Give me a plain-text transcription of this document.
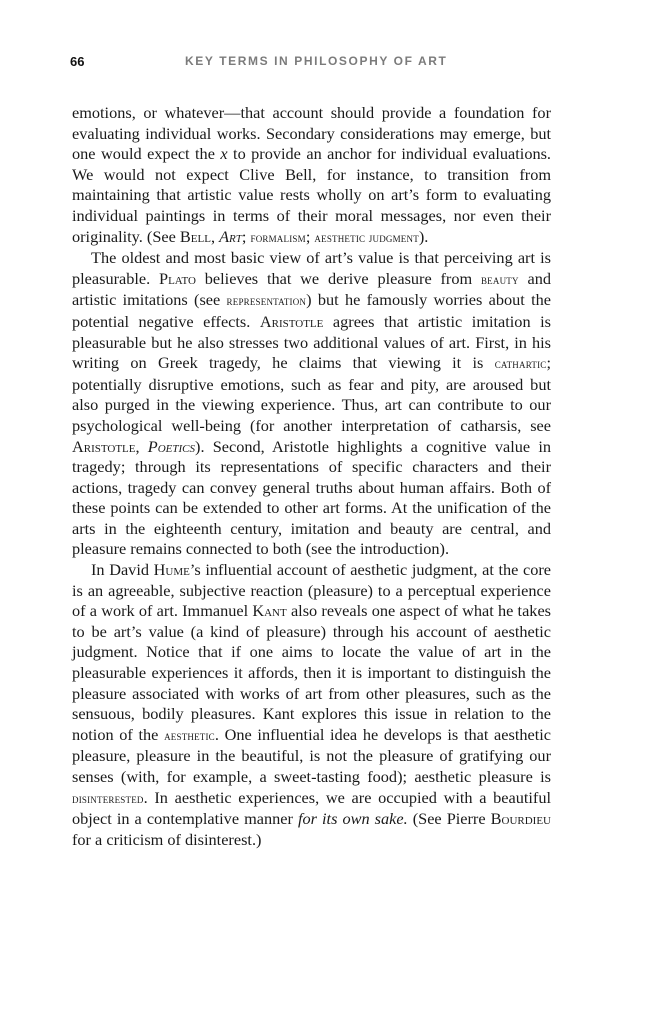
66	KEY TERMS IN PHILOSOPHY OF ART

emotions, or whatever—that account should provide a foundation for evaluating individual works. Secondary considerations may emerge, but one would expect the x to provide an anchor for individual evaluations. We would not expect Clive Bell, for instance, to transition from maintaining that artistic value rests wholly on art’s form to evaluating individual paintings in terms of their moral messages, nor even their originality. (See Bell, Art; formalism; aesthetic judgment).

The oldest and most basic view of art’s value is that perceiving art is pleasurable. Plato believes that we derive pleasure from beauty and artistic imitations (see representation) but he famously worries about the potential negative effects. Aristotle agrees that artistic imitation is pleasurable but he also stresses two additional values of art. First, in his writing on Greek tragedy, he claims that viewing it is cathartic; potentially disruptive emotions, such as fear and pity, are aroused but also purged in the viewing experience. Thus, art can contribute to our psychological well-being (for another interpretation of catharsis, see Aristotle, Poetics). Second, Aristotle highlights a cognitive value in tragedy; through its representations of specific characters and their actions, tragedy can convey general truths about human affairs. Both of these points can be extended to other art forms. At the unification of the arts in the eighteenth century, imitation and beauty are central, and pleasure remains connected to both (see the introduction).

In David Hume’s influential account of aesthetic judgment, at the core is an agreeable, subjective reaction (pleasure) to a perceptual experience of a work of art. Immanuel Kant also reveals one aspect of what he takes to be art’s value (a kind of pleasure) through his account of aesthetic judgment. Notice that if one aims to locate the value of art in the pleasurable experiences it affords, then it is important to distinguish the pleasure associated with works of art from other pleasures, such as the sensuous, bodily pleasures. Kant explores this issue in relation to the notion of the aesthetic. One influential idea he develops is that aesthetic pleasure, pleasure in the beautiful, is not the pleasure of gratifying our senses (with, for example, a sweet-tasting food); aesthetic pleasure is disinterested. In aesthetic experiences, we are occupied with a beautiful object in a contemplative manner for its own sake. (See Pierre Bourdieu for a criticism of disinterest.)
